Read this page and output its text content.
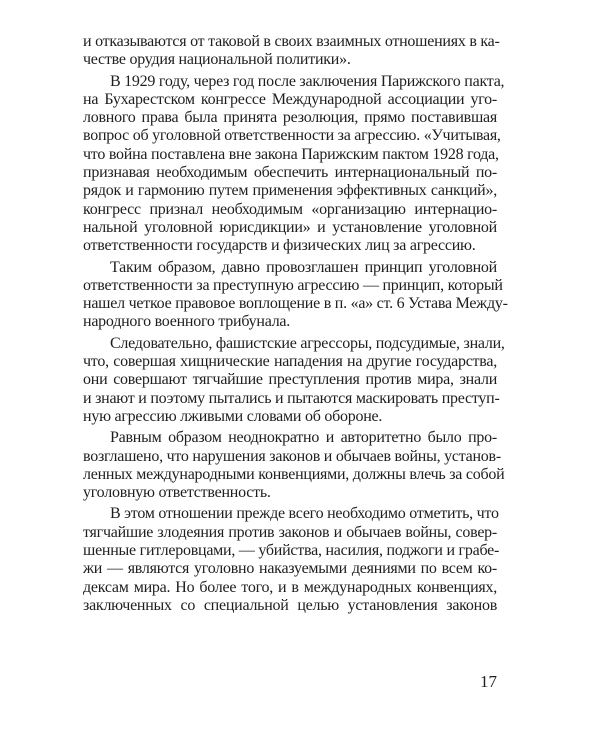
и отказываются от таковой в своих взаимных отношениях в ка-
честве орудия национальной политики».
В 1929 году, через год после заключения Парижского пакта,
на Бухарестском конгрессе Международной ассоциации уго-
ловного права была принята резолюция, прямо поставившая
вопрос об уголовной ответственности за агрессию. «Учитывая,
что война поставлена вне закона Парижским пактом 1928 года,
признавая необходимым обеспечить интернациональный по-
рядок и гармонию путем применения эффективных санкций»,
конгресс признал необходимым «организацию интернацио-
нальной уголовной юрисдикции» и установление уголовной
ответственности государств и физических лиц за агрессию.
Таким образом, давно провозглашен принцип уголовной
ответственности за преступную агрессию — принцип, который
нашел четкое правовое воплощение в п. «а» ст. 6 Устава Между-
народного военного трибунала.
Следовательно, фашистские агрессоры, подсудимые, знали,
что, совершая хищнические нападения на другие государства,
они совершают тягчайшие преступления против мира, знали
и знают и поэтому пытались и пытаются маскировать преступ-
ную агрессию лживыми словами об обороне.
Равным образом неоднократно и авторитетно было про-
возглашено, что нарушения законов и обычаев войны, установ-
ленных международными конвенциями, должны влечь за собой
уголовную ответственность.
В этом отношении прежде всего необходимо отметить, что
тягчайшие злодеяния против законов и обычаев войны, совер-
шенные гитлеровцами, — убийства, насилия, поджоги и грабе-
жи — являются уголовно наказуемыми деяниями по всем ко-
дексам мира. Но более того, и в международных конвенциях,
заключенных со специальной целью установления законов
17
